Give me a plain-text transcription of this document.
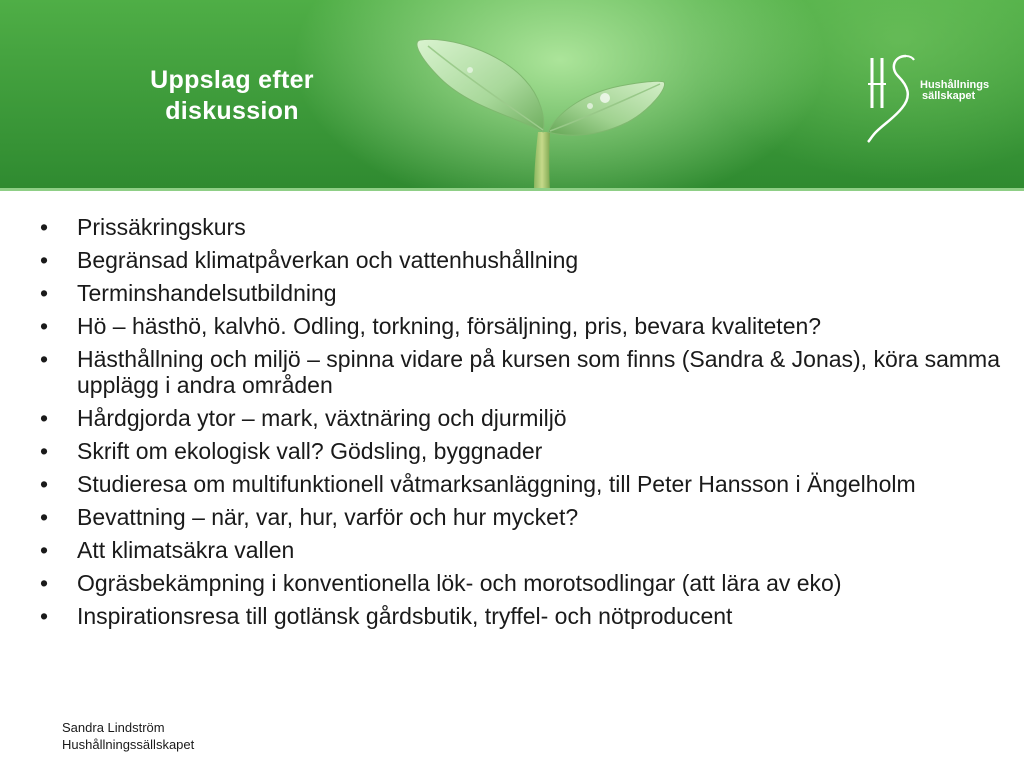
Uppslag efter
diskussion
Hushållnings
sällskapet
• Prissäkringskurs
• Begränsad klimatpåverkan och vattenhushållning
• Terminshandelsutbildning
• Hö – hästhö, kalvhö. Odling, torkning, försäljning, pris, bevara kvaliteten?
• Hästhållning och miljö – spinna vidare på kursen som finns (Sandra & Jonas), köra samma upplägg i andra områden
• Hårdgjorda ytor – mark, växtnäring och djurmiljö
• Skrift om ekologisk vall? Gödsling, byggnader
• Studieresa om multifunktionell våtmarksanläggning, till Peter Hansson i Ängelholm
• Bevattning – när, var, hur, varför och hur mycket?
• Att klimatsäkra vallen
• Ogräsbekämpning i konventionella lök- och morotsodlingar (att lära av eko)
• Inspirationsresa till gotlänsk gårdsbutik, tryffel- och nötproducent
Sandra Lindström
Hushållningssällskapet
